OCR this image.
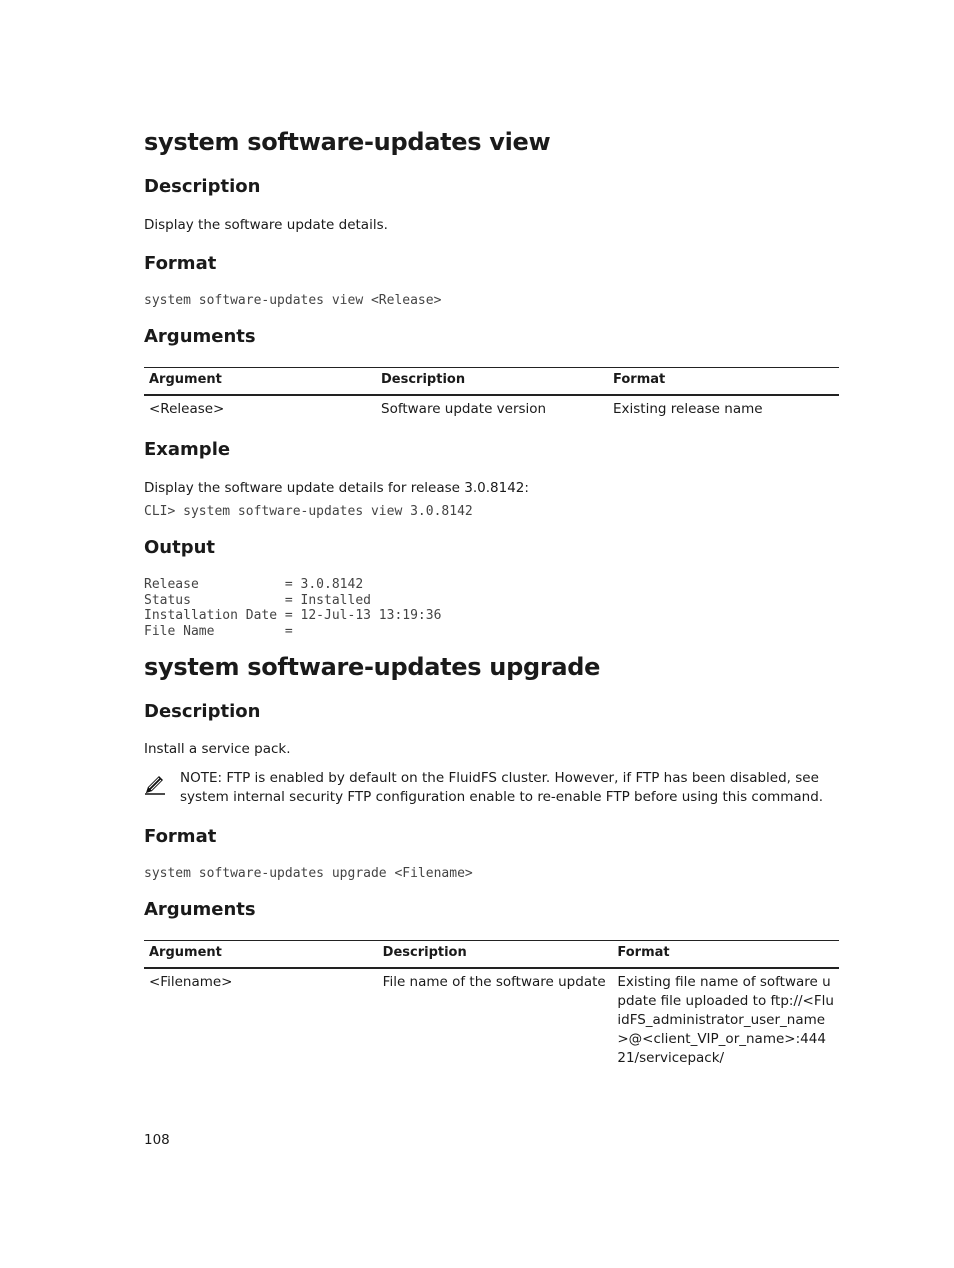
system software-updates view
Description

Display the software update details.

Format
system software-updates view <Release>
Arguments
Argument	Description	Format
<Release>	Software update version	Existing release name
Example

Display the software update details for release 3.0.8142:

CLI> system software-updates view 3.0.8142
Output
Release           = 3.0.8142
Status            = Installed
Installation Date = 12-Jul-13 13:19:36
File Name         =
system software-updates upgrade
Description

Install a service pack.

NOTE: FTP is enabled by default on the FluidFS cluster. However, if FTP has been disabled, see system internal security FTP configuration enable to re-enable FTP before using this command.

Format
system software-updates upgrade <Filename>
Arguments
Argument	Description	Format
<Filename>	File name of the software update	Existing file name of software update file uploaded to ftp://<FluidFS_administrator_user_name>@<client_VIP_or_name>:44421/servicepack/
108
